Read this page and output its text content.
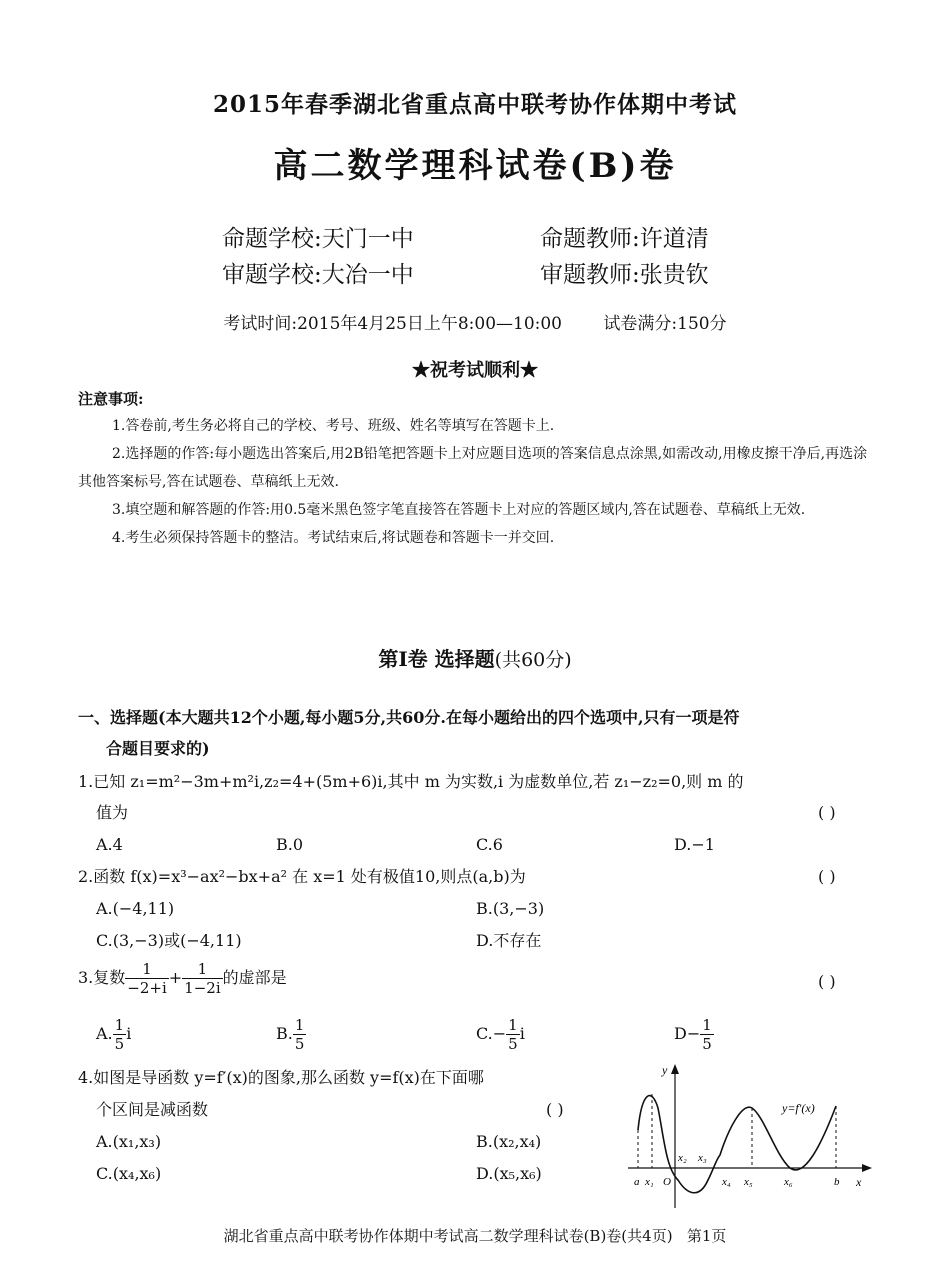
2015年春季湖北省重点高中联考协作体期中考试
高二数学理科试卷(B)卷
命题学校:天门一中	命题教师:许道清
审题学校:大冶一中	审题教师:张贵钦
考试时间:2015年4月25日上午8:00—10:00 试卷满分:150分
★祝考试顺利★
注意事项:

1.答卷前,考生务必将自己的学校、考号、班级、姓名等填写在答题卡上.

2.选择题的作答:每小题选出答案后,用2B铅笔把答题卡上对应题目选项的答案信息点涂黑,如需改动,用橡皮擦干净后,再选涂其他答案标号,答在试题卷、草稿纸上无效.

3.填空题和解答题的作答:用0.5毫米黑色签字笔直接答在答题卡上对应的答题区域内,答在试题卷、草稿纸上无效.

4.考生必须保持答题卡的整洁。考试结束后,将试题卷和答题卡一并交回.

第Ⅰ卷 选择题(共60分)
一、选择题(本大题共12个小题,每小题5分,共60分.在每小题给出的四个选项中,只有一项是符
合题目要求的)
1.已知 z₁=m²−3m+m²i,z₂=4+(5m+6)i,其中 m 为实数,i 为虚数单位,若 z₁−z₂=0,则 m 的
值为	( )
A.4	B.0	C.6	D.−1
2.函数 f(x)=x³−ax²−bx+a² 在 x=1 处有极值10,则点(a,b)为	( )
A.(−4,11)	B.(3,−3)
C.(3,−3)或(−4,11)	D.不存在
3.复数 $\frac{1}{-2+i} + \frac{1}{1-2i}$ 的虚部是	( )
A. $\frac{1}{5}$ i	B. $\frac{1}{5}$	$C.- \frac{1}{5}$ i	$D- \frac{1}{5}$
4.如图是导函数 y=f′(x)的图象,那么函数 y=f(x)在下面哪
个区间是减函数	( )
A.(x₁,x₃)	B.(x₂,x₄)
C.(x₄,x₆)	D.(x₅,x₆)
y
x
y=f′(x)
a x₁ O
x₂ x₃
x₄ x₅	x₆	b
湖北省重点高中联考协作体期中考试高二数学理科试卷(B)卷(共4页) 第1页
